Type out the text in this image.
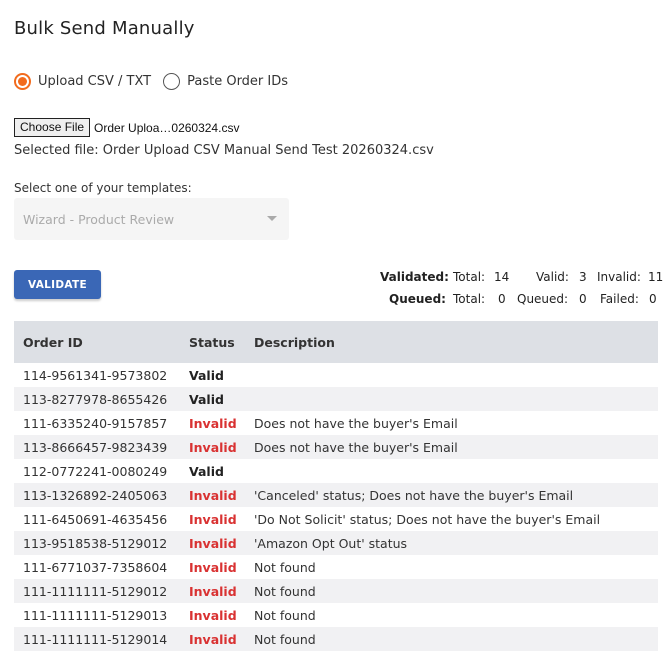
Bulk Send Manually
Upload CSV / TXT	Paste Order IDs
Choose File Order Uploa…0260324.csv
Selected file: Order Upload CSV Manual Send Test 20260324.csv
Select one of your templates:
Wizard - Product Review
VALIDATE
Validated: Total: 14 Valid: 3 Invalid: 11
Queued: Total: 0 Queued: 0 Failed: 0
Order ID	Status	Description
114-9561341-9573802	Valid
113-8277978-8655426	Valid
111-6335240-9157857	Invalid	Does not have the buyer's Email
113-8666457-9823439	Invalid	Does not have the buyer's Email
112-0772241-0080249	Valid
113-1326892-2405063	Invalid	'Canceled' status; Does not have the buyer's Email
111-6450691-4635456	Invalid	'Do Not Solicit' status; Does not have the buyer's Email
113-9518538-5129012	Invalid	'Amazon Opt Out' status
111-6771037-7358604	Invalid	Not found
111-1111111-5129012	Invalid	Not found
111-1111111-5129013	Invalid	Not found
111-1111111-5129014	Invalid	Not found
